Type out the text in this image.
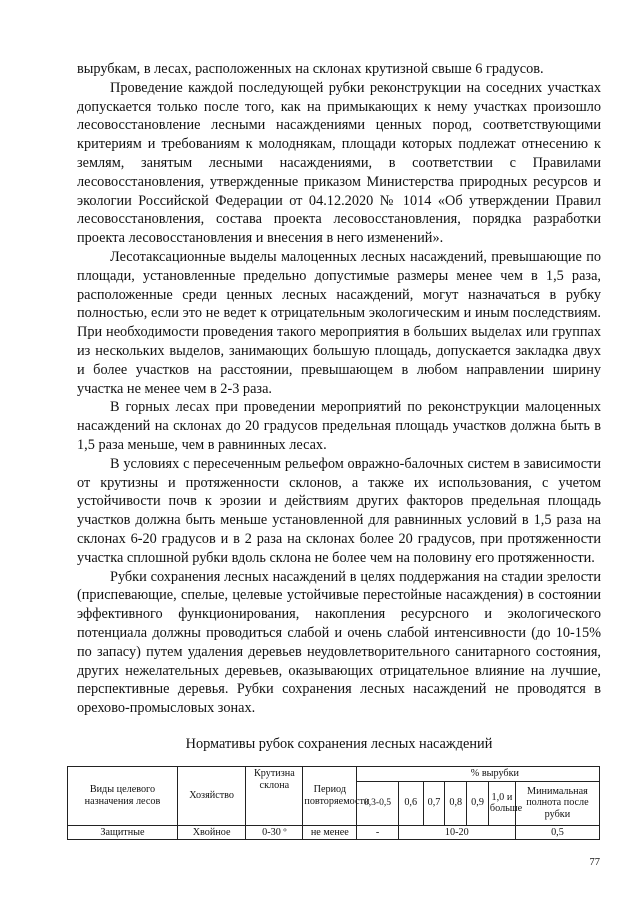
вырубкам, в лесах, расположенных на склонах крутизной свыше 6 градусов.

Проведение каждой последующей рубки реконструкции на соседних участках допускается только после того, как на примыкающих к нему участках произошло лесовосстановление лесными насаждениями ценных пород, соответствующими критериям и требованиям к молоднякам, площади которых подлежат отнесению к землям, занятым лесными насаждениями, в соответствии с Правилами лесовосстановления, утвержденные приказом Министерства природных ресурсов и экологии Российской Федерации от 04.12.2020 № 1014 «Об утверждении Правил лесовосстановления, состава проекта лесовосстановления, порядка разработки проекта лесовосстановления и внесения в него изменений».

Лесотаксационные выделы малоценных лесных насаждений, превышающие по площади, установленные предельно допустимые размеры менее чем в 1,5 раза, расположенные среди ценных лесных насаждений, могут назначаться в рубку полностью, если это не ведет к отрицательным экологическим и иным последствиям. При необходимости проведения такого мероприятия в больших выделах или группах из нескольких выделов, занимающих большую площадь, допускается закладка двух и более участков на расстоянии, превышающем в любом направлении ширину участка не менее чем в 2-3 раза.

В горных лесах при проведении мероприятий по реконструкции малоценных насаждений на склонах до 20 градусов предельная площадь участков должна быть в 1,5 раза меньше, чем в равнинных лесах.

В условиях с пересеченным рельефом овражно-балочных систем в зависимости от крутизны и протяженности склонов, а также их использования, с учетом устойчивости почв к эрозии и действиям других факторов предельная площадь участков должна быть меньше установленной для равнинных условий в 1,5 раза на склонах 6-20 градусов и в 2 раза на склонах более 20 градусов, при протяженности участка сплошной рубки вдоль склона не более чем на половину его протяженности.

Рубки сохранения лесных насаждений в целях поддержания на стадии зрелости (приспевающие, спелые, целевые устойчивые перестойные насаждения) в состоянии эффективного функционирования, накопления ресурсного и экологического потенциала должны проводиться слабой и очень слабой интенсивности (до 10-15% по запасу) путем удаления деревьев неудовлетворительного санитарного состояния, других нежелательных деревьев, оказывающих отрицательное влияние на лучшие, перспективные деревья. Рубки сохранения лесных насаждений не проводятся в орехово-промысловых зонах.

Нормативы рубок сохранения лесных насаждений
Виды целевого назначения лесов	Хозяйство	Крутизна склона	Период повторяемости	% вырубки						
				0,3-0,5	0,6	0,7	0,8	0,9	1,0 и больше	Минимальная полнота после рубки
Защитные	Хвойное	0-30 º	не менее	-	10-20					0,5
77
